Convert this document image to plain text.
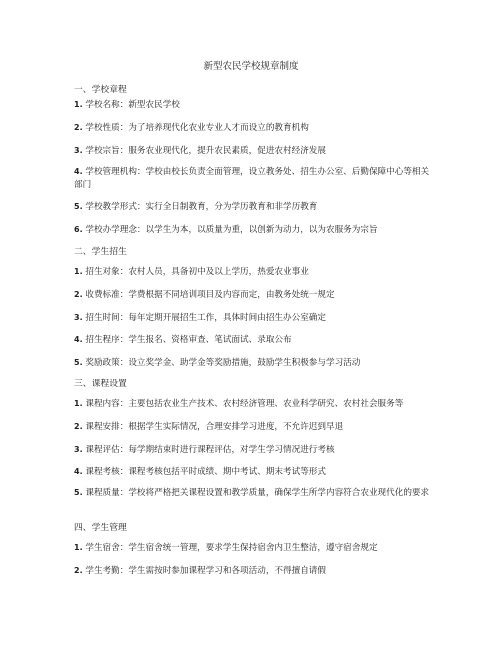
新型农民学校规章制度
一、学校章程
1. 学校名称：新型农民学校
2. 学校性质：为了培养现代化农业专业人才而设立的教育机构
3. 学校宗旨：服务农业现代化，提升农民素质，促进农村经济发展
4. 学校管理机构：学校由校长负责全面管理，设立教务处、招生办公室、后勤保障中心等相关部门
5. 学校教学形式：实行全日制教育，分为学历教育和非学历教育
6. 学校办学理念：以学生为本，以质量为重，以创新为动力，以为农服务为宗旨
二、学生招生
1. 招生对象：农村人员，具备初中及以上学历，热爱农业事业
2. 收费标准：学费根据不同培训项目及内容而定，由教务处统一规定
3. 招生时间：每年定期开展招生工作，具体时间由招生办公室确定
4. 招生程序：学生报名、资格审查、笔试面试、录取公布
5. 奖励政策：设立奖学金、助学金等奖励措施，鼓励学生积极参与学习活动
三、课程设置
1. 课程内容：主要包括农业生产技术、农村经济管理、农业科学研究、农村社会服务等
2. 课程安排：根据学生实际情况，合理安排学习进度，不允许迟到早退
3. 课程评估：每学期结束时进行课程评估，对学生学习情况进行考核
4. 课程考核：课程考核包括平时成绩、期中考试、期末考试等形式
5. 课程质量：学校将严格把关课程设置和教学质量，确保学生所学内容符合农业现代化的要求
四、学生管理
1. 学生宿舍：学生宿舍统一管理，要求学生保持宿舍内卫生整洁，遵守宿舍规定
2. 学生考勤：学生需按时参加课程学习和各项活动，不得擅自请假
